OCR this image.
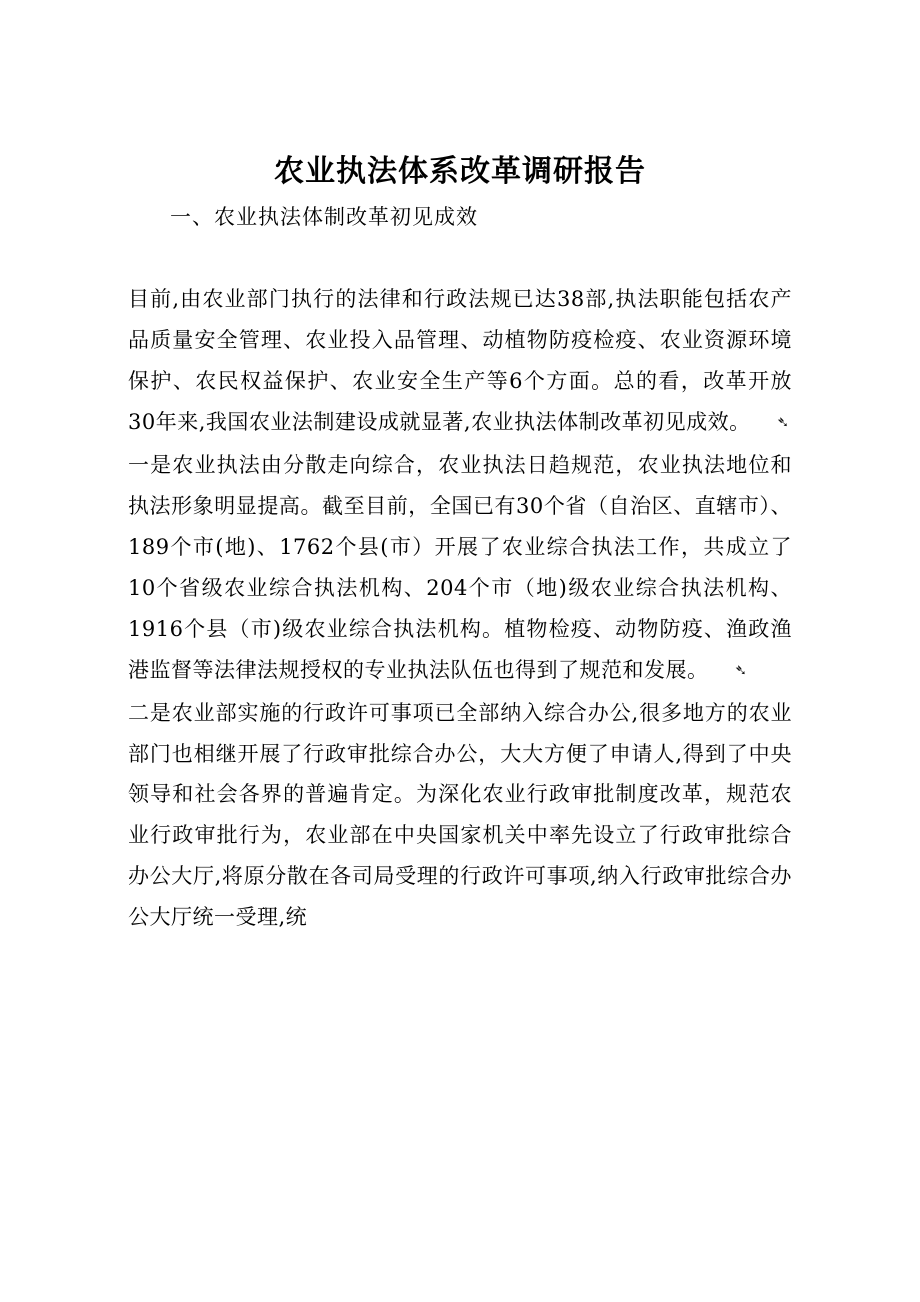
农业执法体系改革调研报告
一、农业执法体制改革初见成效

目前,由农业部门执行的法律和行政法规已达38部,执法职能包括农产品质量安全管理、农业投入品管理、动植物防疫检疫、农业资源环境保护、农民权益保护、农业安全生产等6个方面。总的看，改革开放30年来,我国农业法制建设成就显著,农业执法体制改革初见成效。 ➴

一是农业执法由分散走向综合，农业执法日趋规范，农业执法地位和执法形象明显提高。截至目前，全国已有30个省（自治区、直辖市）、189个市(地)、1762个县(市）开展了农业综合执法工作，共成立了10个省级农业综合执法机构、204个市（地)级农业综合执法机构、1916个县（市)级农业综合执法机构。植物检疫、动物防疫、渔政渔港监督等法律法规授权的专业执法队伍也得到了规范和发展。 ➴

二是农业部实施的行政许可事项已全部纳入综合办公,很多地方的农业部门也相继开展了行政审批综合办公，大大方便了申请人,得到了中央领导和社会各界的普遍肯定。为深化农业行政审批制度改革，规范农业行政审批行为，农业部在中央国家机关中率先设立了行政审批综合办公大厅,将原分散在各司局受理的行政许可事项,纳入行政审批综合办公大厅统一受理,统
